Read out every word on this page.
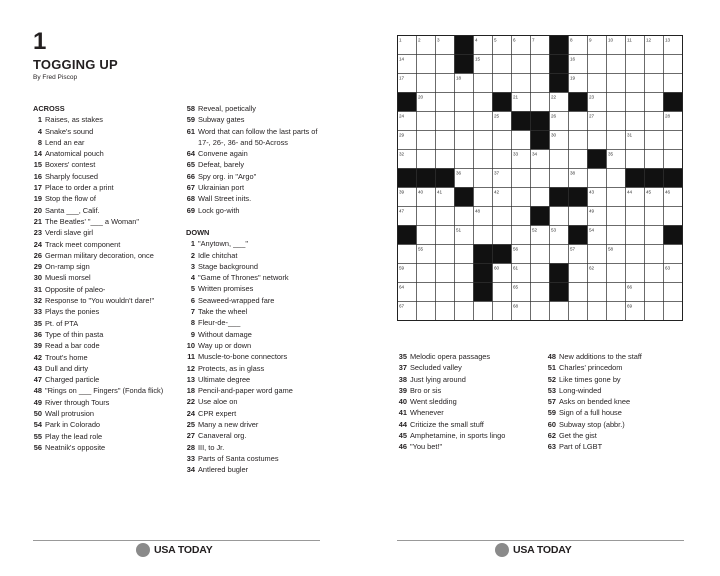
1
TOGGING UP
By Fred Piscop
ACROSS
1 Raises, as stakes
4 Snake's sound
8 Lend an ear
14 Anatomical pouch
15 Boxers' contest
16 Sharply focused
17 Place to order a print
19 Stop the flow of
20 Santa ___, Calif.
21 The Beatles' "___ a Woman"
23 Verdi slave girl
24 Track meet component
26 German military decoration, once
29 On-ramp sign
30 Muesli morsel
31 Opposite of paleo-
32 Response to "You wouldn't dare!"
33 Plays the ponies
35 Pt. of PTA
36 Type of thin pasta
39 Read a bar code
42 Trout's home
43 Dull and dirty
47 Charged particle
48 "Rings on ___ Fingers" (Fonda flick)
49 River through Tours
50 Wall protrusion
54 Park in Colorado
55 Play the lead role
56 Neatnik's opposite
58 Reveal, poetically
59 Subway gates
61 Word that can follow the last parts of 17-, 26-, 36- and 50-Across
64 Convene again
65 Defeat, barely
66 Spy org. in "Argo"
67 Ukrainian port
68 Wall Street inits.
69 Lock go-with
DOWN
1 "Anytown, ___"
2 Idle chitchat
3 Stage background
4 "Game of Thrones" network
5 Written promises
6 Seaweed-wrapped fare
7 Take the wheel
8 Fleur-de-___
9 Without damage
10 Way up or down
11 Muscle-to-bone connectors
12 Protects, as in glass
13 Ultimate degree
18 Pencil-and-paper word game
22 Use aloe on
24 CPR expert
25 Many a new driver
27 Canaveral org.
28 III, to Jr.
33 Parts of Santa costumes
34 Antlered bugler
35 Melodic opera passages
37 Secluded valley
38 Just lying around
39 Bro or sis
40 Went sledding
41 Whenever
44 Criticize the small stuff
45 Amphetamine, in sports lingo
46 "You bet!"
48 New additions to the staff
51 Charles' princedom
52 Like times gone by
53 Long-winded
57 Asks on bended knee
59 Sign of a full house
60 Subway stop (abbr.)
62 Get the gist
63 Part of LGBT
1	2	3	4	5	6	7	8	9	10	11	12	13
14	15	16
17	18	19
20	21	22	23
24	25	26	27	28
29	30	31
32	33	34	35
36	37	38
39	40	41	42	43	44	45	46
47	48	49
51	52	53	54
55	56	57	58
59	60	61	62	63
64	65	66
67	68	69
USA TODAY	USA TODAY
